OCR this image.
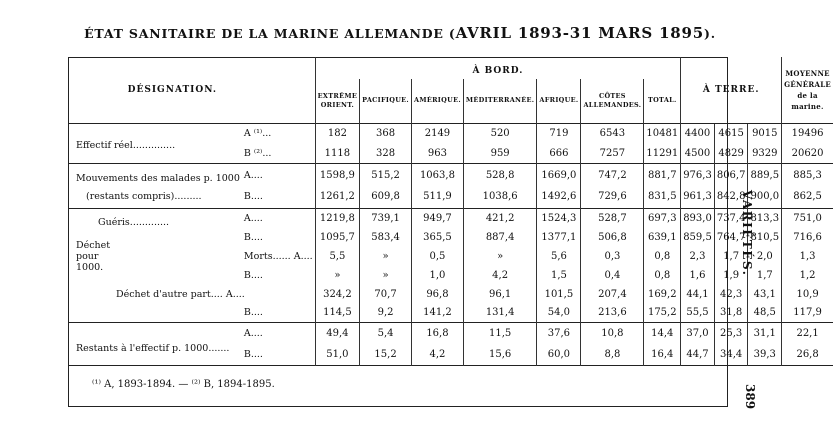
ÉTAT SANITAIRE DE LA MARINE ALLEMANDE (AVRIL 1893-31 MARS 1895).
DÉSIGNATION.		À BORD.							À TERRE.			MOYENNE GÉNÉRALE de la marine.
		EXTRÊME ORIENT.	PACIFIQUE.	AMÉRIQUE.	MÉDITERRANÉE.	AFRIQUE.	CÔTES ALLEMANDES.	TOTAL.				

Effectif réel..............	A ⁽¹⁾...	182	368	2149	520	719	6543	10481	4400	4615	9015	19496
	B ⁽²⁾...	1118	328	963	959	666	7257	11291	4500	4829	9329	20620

Mouvements des malades p. 1000	A....	1598,9	515,2	1063,8	528,8	1669,0	747,2	881,7	976,3	806,7	889,5	885,3
(restants compris).........	B....	1261,2	609,8	511,9	1038,6	1492,6	729,6	831,5	961,3	842,8	900,0	862,5

Guéris.............	A....	1219,8	739,1	949,7	421,2	1524,3	528,7	697,3	893,0	737,4	813,3	751,0
Déchet
pour
1000.	B....	1095,7	583,4	365,5	887,4	1377,1	506,8	639,1	859,5	764,7	810,5	716,6
	Morts...... A....	5,5	»	0,5	»	5,6	0,3	0,8	2,3	1,7	2,0	1,3
	B....	»	»	1,0	4,2	1,5	0,4	0,8	1,6	1,9	1,7	1,2
Déchet d'autre part.... A....		324,2	70,7	96,8	96,1	101,5	207,4	169,2	44,1	42,3	43,1	10,9
	B....	114,5	9,2	141,2	131,4	54,0	213,6	175,2	55,5	31,8	48,5	117,9

Restants à l'effectif p. 1000.......	A....	49,4	5,4	16,8	11,5	37,6	10,8	14,4	37,0	25,3	31,1	22,1
	B....	51,0	15,2	4,2	15,6	60,0	8,8	16,4	44,7	34,4	39,3	26,8

⁽¹⁾ A, 1893-1894. — ⁽²⁾ B, 1894-1895.
VARIÉTÉS.
389
